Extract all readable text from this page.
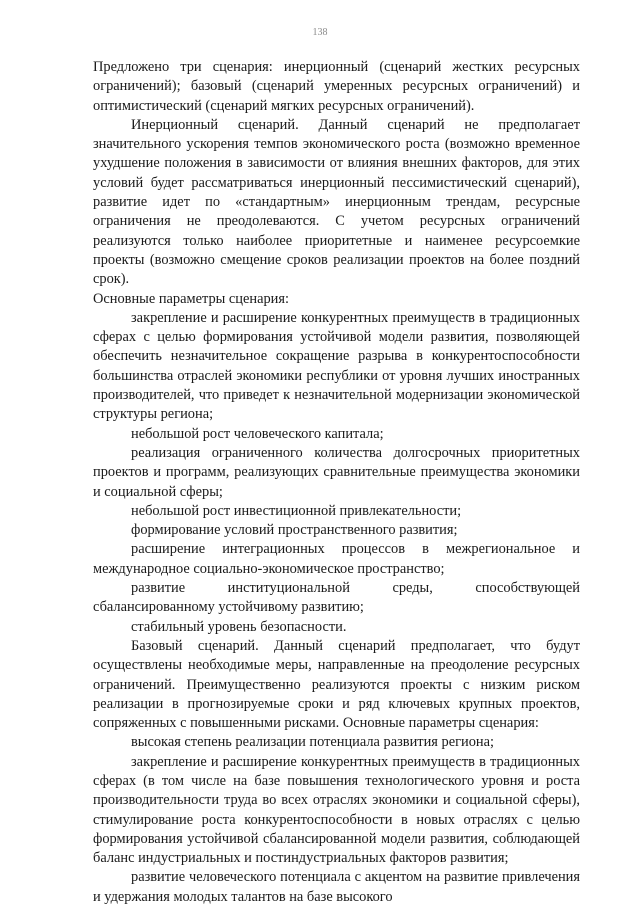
138

Предложено три сценария: инерционный (сценарий жестких ресурсных ограничений); базовый (сценарий умеренных ресурсных ограничений) и оптимистический (сценарий мягких ресурсных ограничений).

Инерционный сценарий. Данный сценарий не предполагает значительного ускорения темпов экономического роста (возможно временное ухудшение положения в зависимости от влияния внешних факторов, для этих условий будет рассматриваться инерционный пессимистический сценарий), развитие идет по «стандартным» инерционным трендам, ресурсные ограничения не преодолеваются. С учетом ресурсных ограничений реализуются только наиболее приоритетные и наименее ресурсоемкие проекты (возможно смещение сроков реализации проектов на более поздний срок).

Основные параметры сценария:

закрепление и расширение конкурентных преимуществ в традиционных сферах с целью формирования устойчивой модели развития, позволяющей обеспечить незначительное сокращение разрыва в конкурентоспособности большинства отраслей экономики республики от уровня лучших иностранных производителей, что приведет к незначительной модернизации экономической структуры региона;

небольшой рост человеческого капитала;

реализация ограниченного количества долгосрочных приоритетных проектов и программ, реализующих сравнительные преимущества экономики и социальной сферы;

небольшой рост инвестиционной привлекательности;

формирование условий пространственного развития;

расширение интеграционных процессов в межрегиональное и международное социально-экономическое пространство;

развитие институциональной среды, способствующей сбалансированному устойчивому развитию;

стабильный уровень безопасности.

Базовый сценарий. Данный сценарий предполагает, что будут осуществлены необходимые меры, направленные на преодоление ресурсных ограничений. Преимущественно реализуются проекты с низким риском реализации в прогнозируемые сроки и ряд ключевых крупных проектов, сопряженных с повышенными рисками. Основные параметры сценария:

высокая степень реализации потенциала развития региона;

закрепление и расширение конкурентных преимуществ в традиционных сферах (в том числе на базе повышения технологического уровня и роста производительности труда во всех отраслях экономики и социальной сферы), стимулирование роста конкурентоспособности в новых отраслях с целью формирования устойчивой сбалансированной модели развития, соблюдающей баланс индустриальных и постиндустриальных факторов развития;

развитие человеческого потенциала с акцентом на развитие привлечения и удержания молодых талантов на базе высокого
